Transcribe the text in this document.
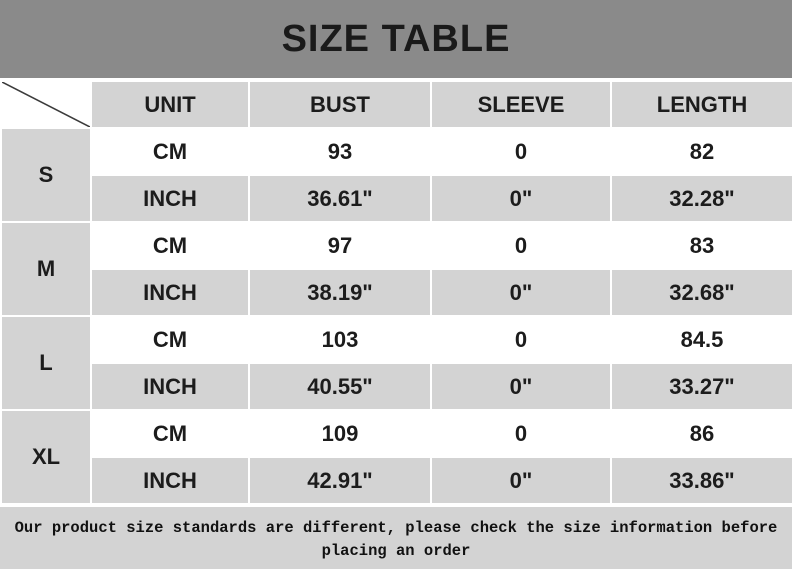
SIZE TABLE
	UNIT	BUST	SLEEVE	LENGTH
S	CM	93	0	82
	INCH	36.61"	0"	32.28"
M	CM	97	0	83
	INCH	38.19"	0"	32.68"
L	CM	103	0	84.5
	INCH	40.55"	0"	33.27"
XL	CM	109	0	86
	INCH	42.91"	0"	33.86"
Our product size standards are different, please check the size information before placing an order
